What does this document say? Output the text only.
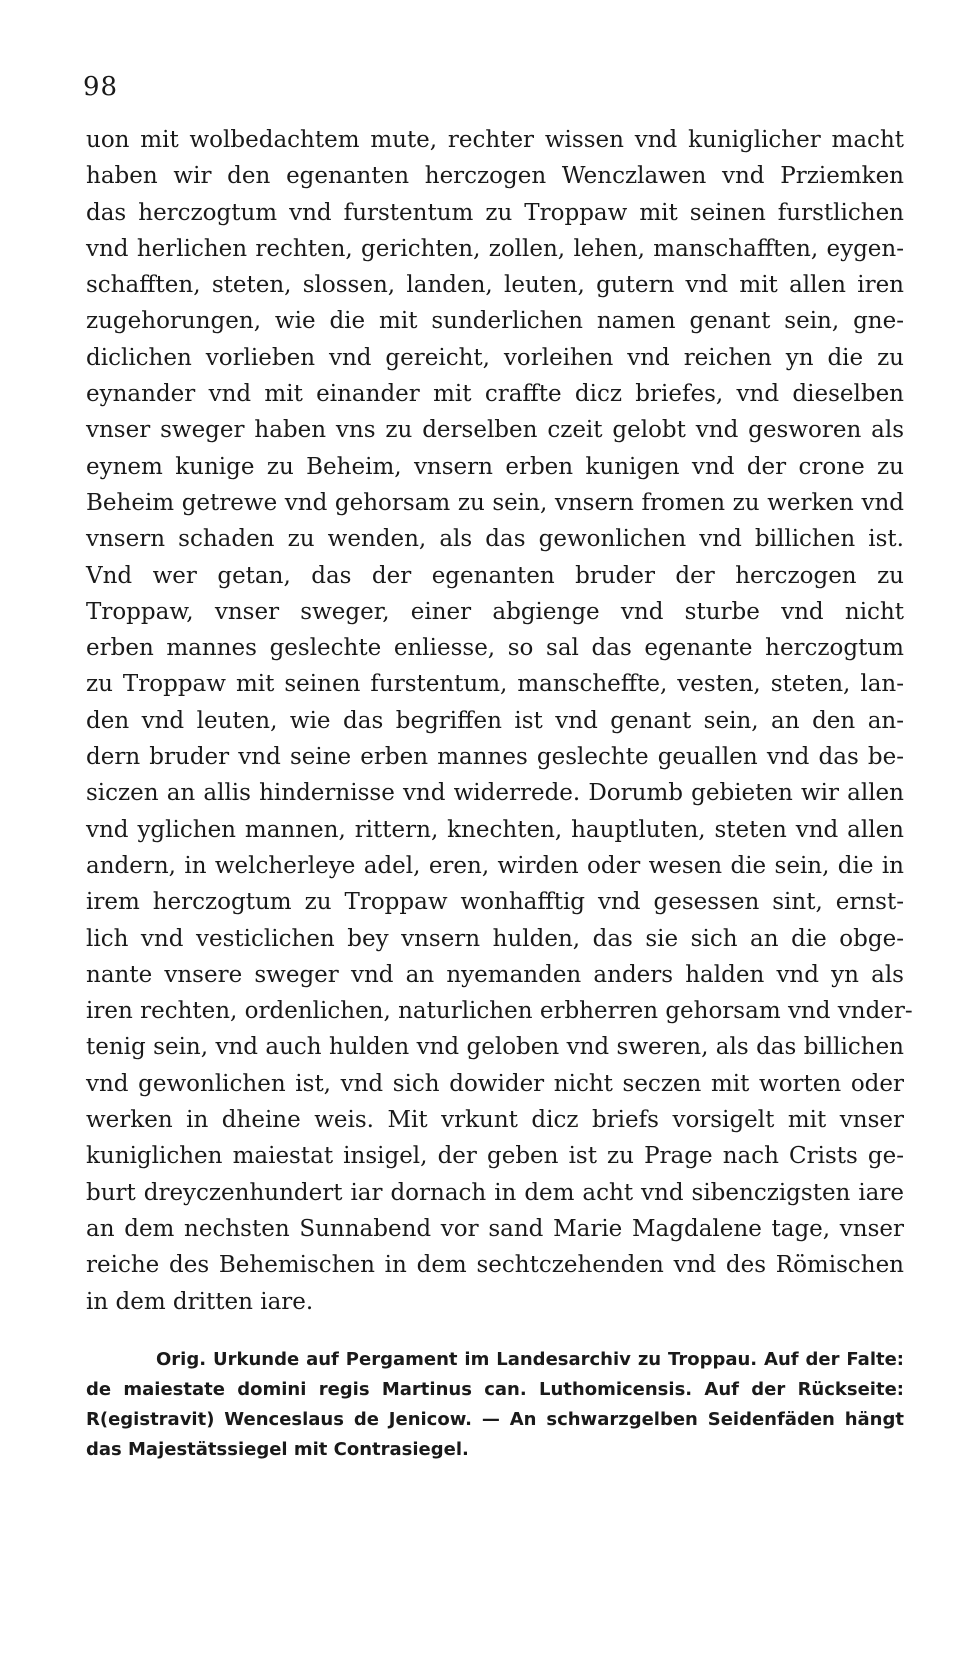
98
uon mit wolbedachtem mute, rechter wissen vnd kuniglicher macht
haben wir den egenanten herczogen Wenczlawen vnd Prziemken
das herczogtum vnd furstentum zu Troppaw mit seinen furstlichen
vnd herlichen rechten, gerichten, zollen, lehen, manschafften, eygen-
schafften, steten, slossen, landen, leuten, gutern vnd mit allen iren
zugehorungen, wie die mit sunderlichen namen genant sein, gne-
diclichen vorlieben vnd gereicht, vorleihen vnd reichen yn die zu
eynander vnd mit einander mit craffte dicz briefes, vnd dieselben
vnser sweger haben vns zu derselben czeit gelobt vnd gesworen als
eynem kunige zu Beheim, vnsern erben kunigen vnd der crone zu
Beheim getrewe vnd gehorsam zu sein, vnsern fromen zu werken vnd
vnsern schaden zu wenden, als das gewonlichen vnd billichen ist.
Vnd wer getan, das der egenanten bruder der herczogen zu
Troppaw, vnser sweger, einer abgienge vnd sturbe vnd nicht
erben mannes geslechte enliesse, so sal das egenante herczogtum
zu Troppaw mit seinen furstentum, manscheffte, vesten, steten, lan-
den vnd leuten, wie das begriffen ist vnd genant sein, an den an-
dern bruder vnd seine erben mannes geslechte geuallen vnd das be-
siczen an allis hindernisse vnd widerrede. Dorumb gebieten wir allen
vnd yglichen mannen, rittern, knechten, hauptluten, steten vnd allen
andern, in welcherleye adel, eren, wirden oder wesen die sein, die in
irem herczogtum zu Troppaw wonhafftig vnd gesessen sint, ernst-
lich vnd vesticlichen bey vnsern hulden, das sie sich an die obge-
nante vnsere sweger vnd an nyemanden anders halden vnd yn als
iren rechten, ordenlichen, naturlichen erbherren gehorsam vnd vnder-
tenig sein, vnd auch hulden vnd geloben vnd sweren, als das billichen
vnd gewonlichen ist, vnd sich dowider nicht seczen mit worten oder
werken in dheine weis. Mit vrkunt dicz briefs vorsigelt mit vnser
kuniglichen maiestat insigel, der geben ist zu Prage nach Crists ge-
burt dreyczenhundert iar dornach in dem acht vnd sibenczigsten iare
an dem nechsten Sunnabend vor sand Marie Magdalene tage, vnser
reiche des Behemischen in dem sechtczehenden vnd des Römischen
in dem dritten iare.
Orig. Urkunde auf Pergament im Landesarchiv zu Troppau. Auf der Falte:
de maiestate domini regis Martinus can. Luthomicensis. Auf der Rückseite:
R(egistravit) Wenceslaus de Jenicow. — An schwarzgelben Seidenfäden hängt
das Majestätssiegel mit Contrasiegel.
